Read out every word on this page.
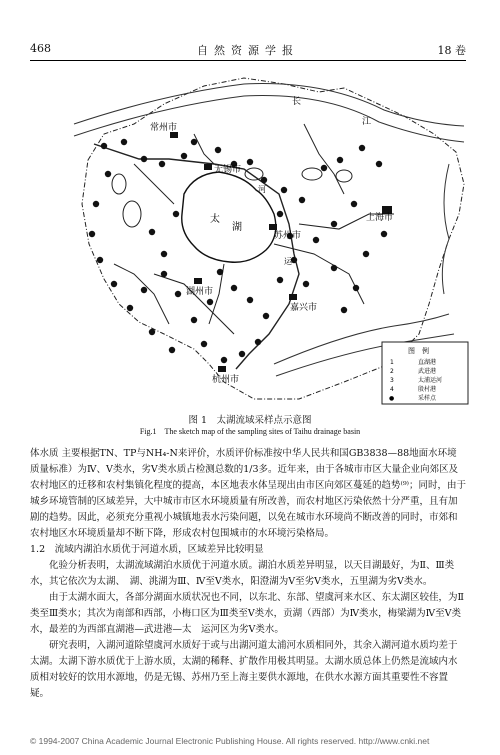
468	自然资源学报	18 卷
常州市
无锡市
苏州市
上海市
湖州市
嘉兴市
杭州市
太
湖
长
江
运
河
图　例
1	直湖港
2	武进港
3	太浦运河
4	殷村港
●	采样点
图 1　太湖流域采样点示意图
Fig.1　The sketch map of the sampling sites of Taihu drainage basin

体水质 主要根据TN、TP与NH₄-N来评价，水质评价标准按中华人民共和国GB3838—88地面水环境质量标准）为Ⅳ、Ⅴ类水，劣Ⅴ类水质占检测总数的1/3多。近年来，由于各城市市区大量企业向郊区及农村地区的迁移和农村集镇化程度的提高，本区地表水体呈现出由市区向郊区蔓延的趋势⁽⁹⁾；同时，由于城乡环境管制的区域差异，大中城市市区水环境质量有所改善，而农村地区污染依然十分严重，且有加剧的趋势。因此，必须充分重视小城镇地表水污染问题，以免在城市水环境尚不断改善的同时，市郊和农村地区水环境质量却不断下降，形成农村包围城市的水环境污染格局。

1.2　流域内湖泊水质优于河道水质，区域差异比较明显

化验分析表明，太湖流域湖泊水质优于河道水质。湖泊水质差异明显，以天目湖最好，为Ⅱ、Ⅲ类水，其它依次为太湖、　湖、洮湖为Ⅲ、Ⅳ至Ⅴ类水，阳澄湖为Ⅴ至劣Ⅴ类水，五里湖为劣Ⅴ类水。

由于太湖水面大，各部分湖面水质状况也不同，以东北、东部、望虞河来水区、东太湖区较佳，为Ⅱ类至Ⅲ类水；其次为南部和西部，小梅口区为Ⅲ类至Ⅴ类水，贡湖（西部）为Ⅳ类水，梅梁湖为Ⅳ至Ⅴ类水，最差的为西部直湖港—武进港—太　运河区为劣Ⅴ类水。

研究表明，入湖河道除望虞河水质好于或与出湖河道太浦河水质相同外，其余入湖河道水质均差于太湖。太湖下游水质优于上游水质，太湖的稀释、扩散作用极其明显。太湖水质总体上仍然是流域内水质相对较好的饮用水源地，仍是无锡、苏州乃至上海主要供水源地，在供水水源方面其重要性不容置疑。

© 1994-2007 China Academic Journal Electronic Publishing House. All rights reserved. http://www.cnki.net
